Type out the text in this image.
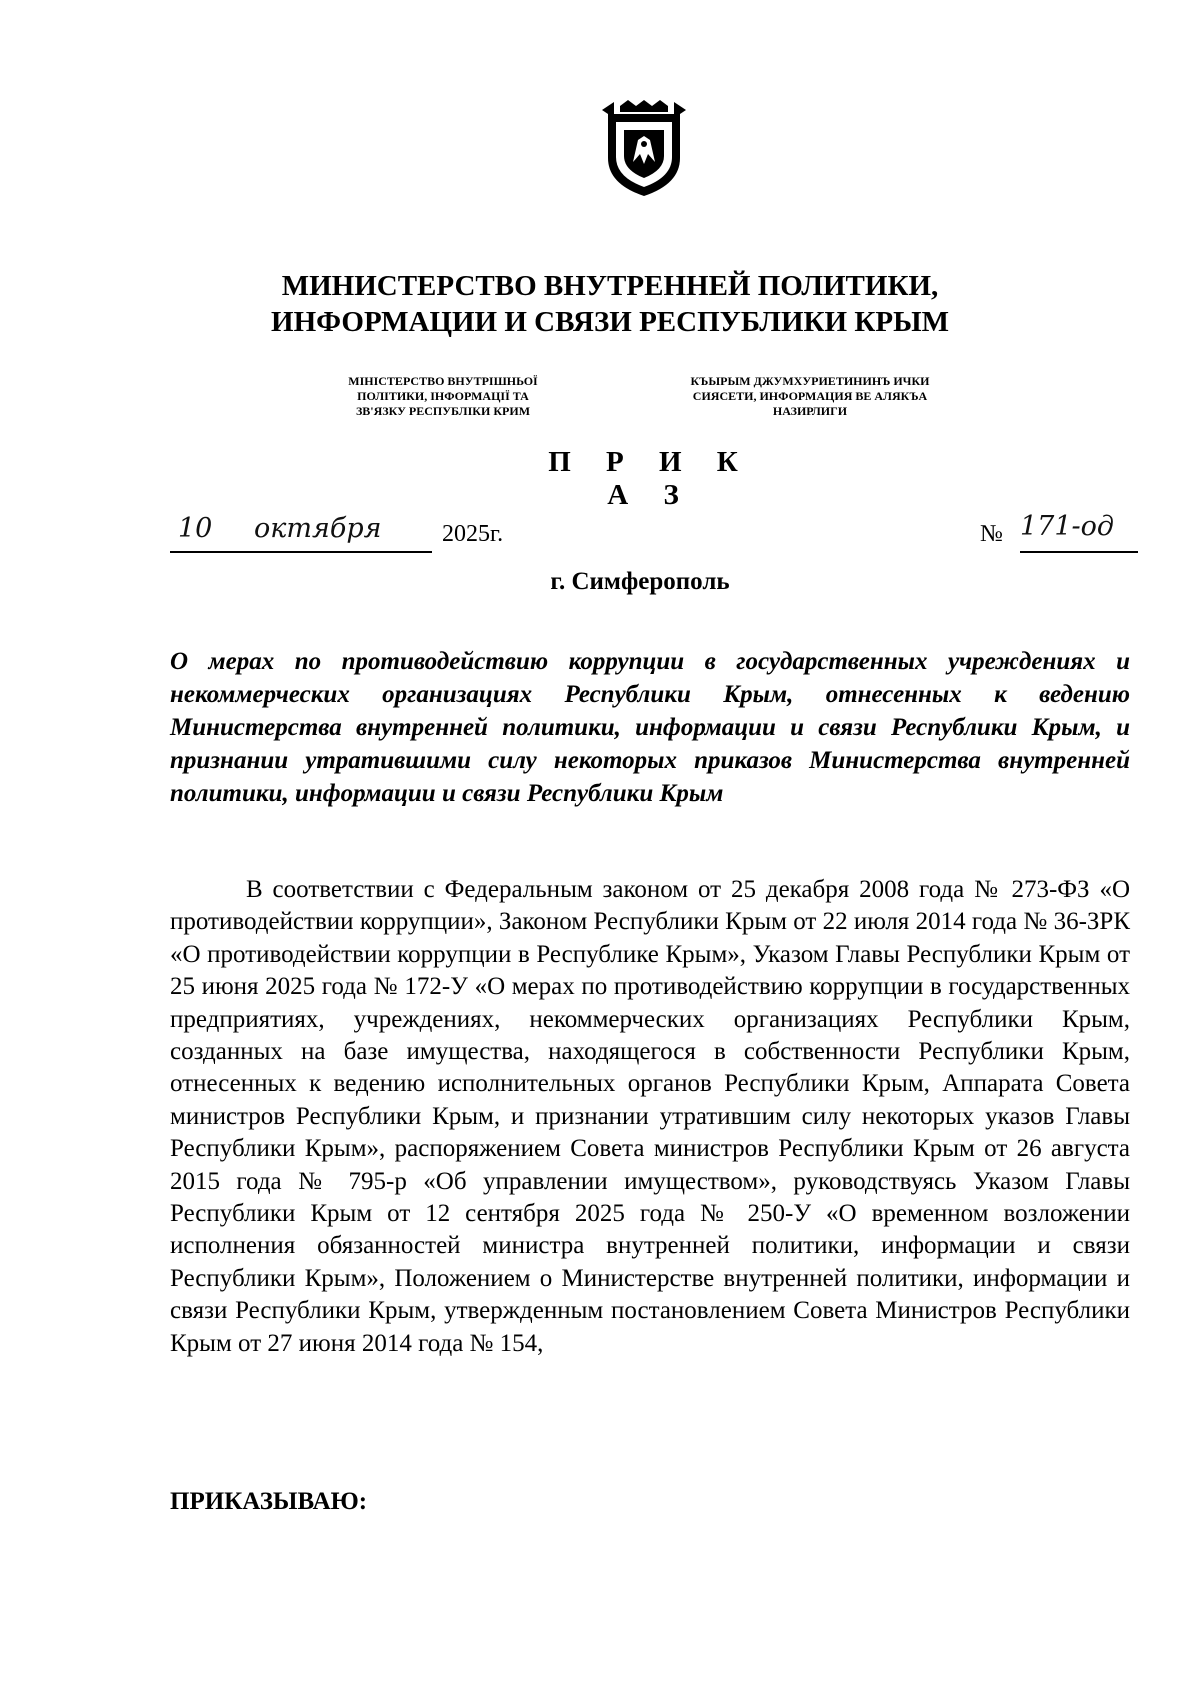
МИНИСТЕРСТВО ВНУТРЕННЕЙ ПОЛИТИКИ,
ИНФОРМАЦИИ И СВЯЗИ РЕСПУБЛИКИ КРЫМ
МІНІСТЕРСТВО ВНУТРІШНЬОЇ
ПОЛІТИКИ, ІНФОРМАЦІЇ ТА
ЗВ'ЯЗКУ РЕСПУБЛІКИ КРИМ
КЪЫРЫМ ДЖУМХУРИЕТИНИНЪ ИЧКИ
СИЯСЕТИ, ИНФОРМАЦИЯ ВЕ АЛЯКЪА
НАЗИРЛИГИ
П Р И К А З
10 октября	2025г.	№ 171-од
г. Симферополь
О мерах по противодействию коррупции в государственных учреждениях и некоммерческих организациях Республики Крым, отнесенных к ведению Министерства внутренней политики, информации и связи Республики Крым, и признании утратившими силу некоторых приказов Министерства внутренней политики, информации и связи Республики Крым
В соответствии с Федеральным законом от 25 декабря 2008 года № 273-ФЗ «О противодействии коррупции», Законом Республики Крым от 22 июля 2014 года № 36-ЗРК «О противодействии коррупции в Республике Крым», Указом Главы Республики Крым от 25 июня 2025 года № 172-У «О мерах по противодействию коррупции в государственных предприятиях, учреждениях, некоммерческих организациях Республики Крым, созданных на базе имущества, находящегося в собственности Республики Крым, отнесенных к ведению исполнительных органов Республики Крым, Аппарата Совета министров Республики Крым, и признании утратившим силу некоторых указов Главы Республики Крым», распоряжением Совета министров Республики Крым от 26 августа 2015 года № 795-р «Об управлении имуществом», руководствуясь Указом Главы Республики Крым от 12 сентября 2025 года № 250-У «О временном возложении исполнения обязанностей министра внутренней политики, информации и связи Республики Крым», Положением о Министерстве внутренней политики, информации и связи Республики Крым, утвержденным постановлением Совета Министров Республики Крым от 27 июня 2014 года № 154,
ПРИКАЗЫВАЮ:
